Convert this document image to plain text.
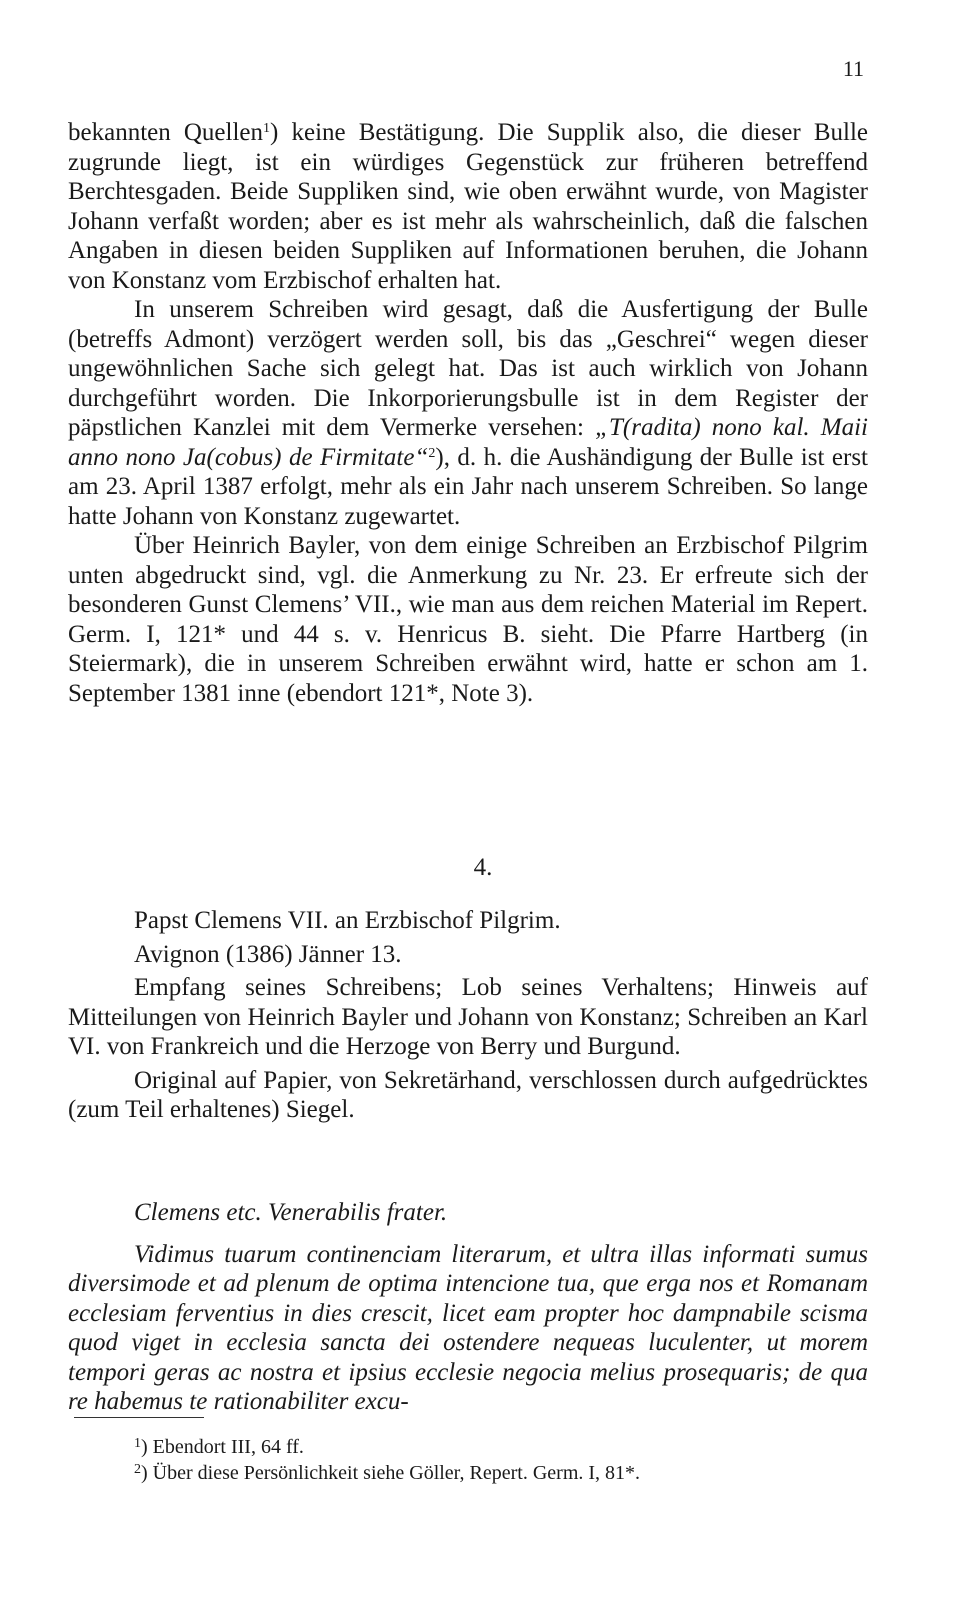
11

bekannten Quellen$^1$) keine Bestätigung. Die Supplik also, die dieser Bulle zugrunde liegt, ist ein würdiges Gegenstück zur früheren betreffend Berchtesgaden. Beide Suppliken sind, wie oben erwähnt wurde, von Magister Johann verfaßt worden; aber es ist mehr als wahrscheinlich, daß die falschen Angaben in diesen beiden Suppliken auf Informationen beruhen, die Johann von Konstanz vom Erzbischof erhalten hat.

In unserem Schreiben wird gesagt, daß die Ausfertigung der Bulle (betreffs Admont) verzögert werden soll, bis das „Geschrei“ wegen dieser ungewöhnlichen Sache sich gelegt hat. Das ist auch wirklich von Johann durchgeführt worden. Die Inkorporierungsbulle ist in dem Register der päpstlichen Kanzlei mit dem Vermerke versehen: „T(radita) nono kal. Maii anno nono Ja(cobus) de Firmitate“$^2$), d. h. die Aushändigung der Bulle ist erst am 23. April 1387 erfolgt, mehr als ein Jahr nach unserem Schreiben. So lange hatte Johann von Konstanz zugewartet.

Über Heinrich Bayler, von dem einige Schreiben an Erzbischof Pilgrim unten abgedruckt sind, vgl. die Anmerkung zu Nr. 23. Er erfreute sich der besonderen Gunst Clemens’ VII., wie man aus dem reichen Material im Repert. Germ. I, 121* und 44 s. v. Henricus B. sieht. Die Pfarre Hartberg (in Steiermark), die in unserem Schreiben erwähnt wird, hatte er schon am 1. September 1381 inne (ebendort 121*, Note 3).

4.

Papst Clemens VII. an Erzbischof Pilgrim.

Avignon (1386) Jänner 13.

Empfang seines Schreibens; Lob seines Verhaltens; Hinweis auf Mitteilungen von Heinrich Bayler und Johann von Konstanz; Schreiben an Karl VI. von Frankreich und die Herzoge von Berry und Burgund.

Original auf Papier, von Sekretärhand, verschlossen durch aufgedrücktes (zum Teil erhaltenes) Siegel.

Clemens etc. Venerabilis frater.

Vidimus tuarum continenciam literarum, et ultra illas informati sumus diversimode et ad plenum de optima intencione tua, que erga nos et Romanam ecclesiam ferventius in dies crescit, licet eam propter hoc dampnabile scisma quod viget in ecclesia sancta dei ostendere nequeas luculenter, ut morem tempori geras ac nostra et ipsius ecclesie negocia melius prosequaris; de qua re habemus te rationabiliter excu-

$^1$) Ebendort III, 64 ff.

$^2$) Über diese Persönlichkeit siehe Göller, Repert. Germ. I, 81*.
